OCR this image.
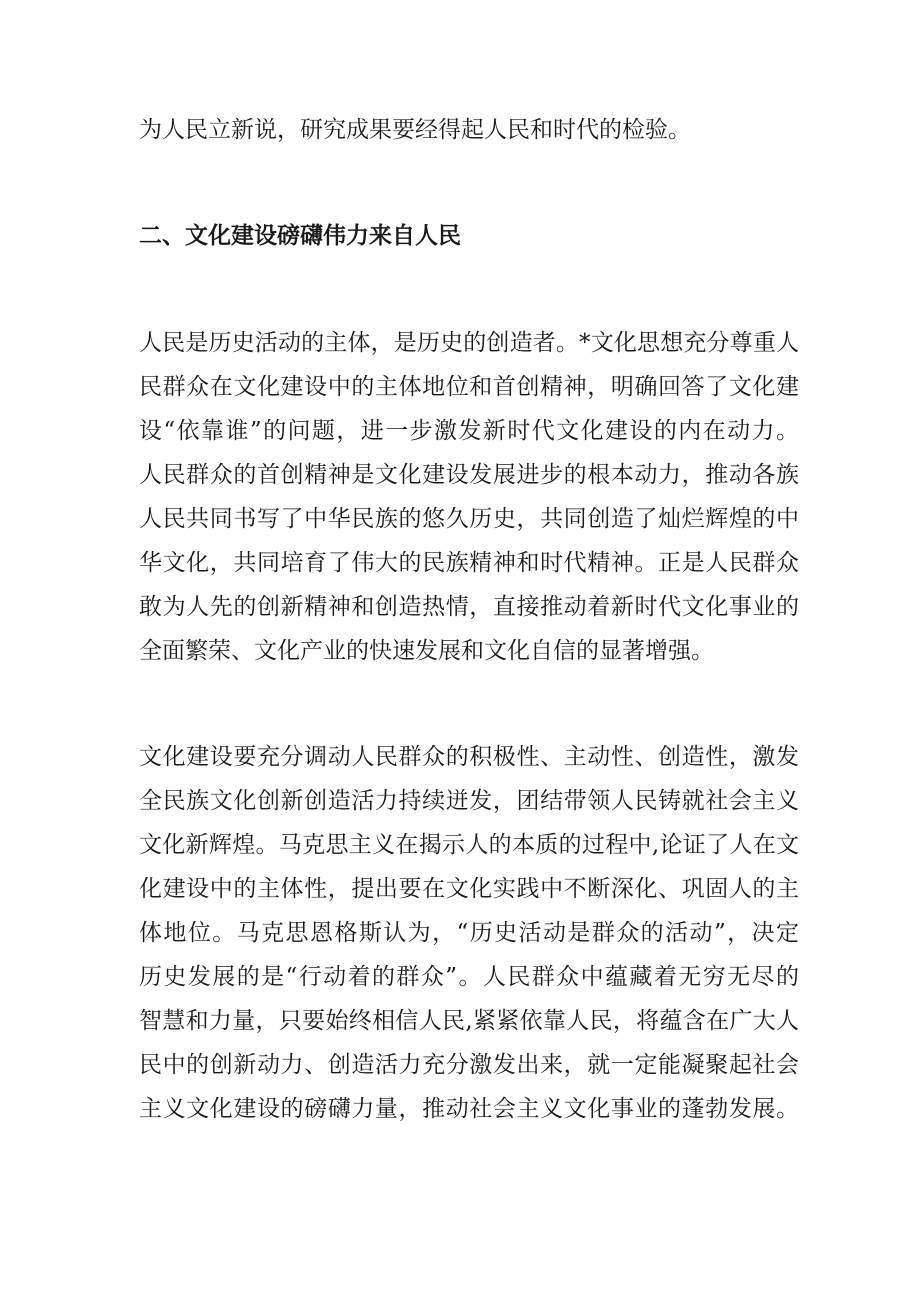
为人民立新说，研究成果要经得起人民和时代的检验。
二、文化建设磅礴伟力来自人民
人民是历史活动的主体，是历史的创造者。*文化思想充分尊重人
民群众在文化建设中的主体地位和首创精神，明确回答了文化建
设“依靠谁”的问题，进一步激发新时代文化建设的内在动力。
人民群众的首创精神是文化建设发展进步的根本动力，推动各族
人民共同书写了中华民族的悠久历史，共同创造了灿烂辉煌的中
华文化，共同培育了伟大的民族精神和时代精神。正是人民群众
敢为人先的创新精神和创造热情，直接推动着新时代文化事业的
全面繁荣、文化产业的快速发展和文化自信的显著增强。
文化建设要充分调动人民群众的积极性、主动性、创造性，激发
全民族文化创新创造活力持续迸发，团结带领人民铸就社会主义
文化新辉煌。马克思主义在揭示人的本质的过程中,论证了人在文
化建设中的主体性，提出要在文化实践中不断深化、巩固人的主
体地位。马克思恩格斯认为，“历史活动是群众的活动”，决定
历史发展的是“行动着的群众”。人民群众中蕴藏着无穷无尽的
智慧和力量，只要始终相信人民,紧紧依靠人民，将蕴含在广大人
民中的创新动力、创造活力充分激发出来，就一定能凝聚起社会
主义文化建设的磅礴力量，推动社会主义文化事业的蓬勃发展。
